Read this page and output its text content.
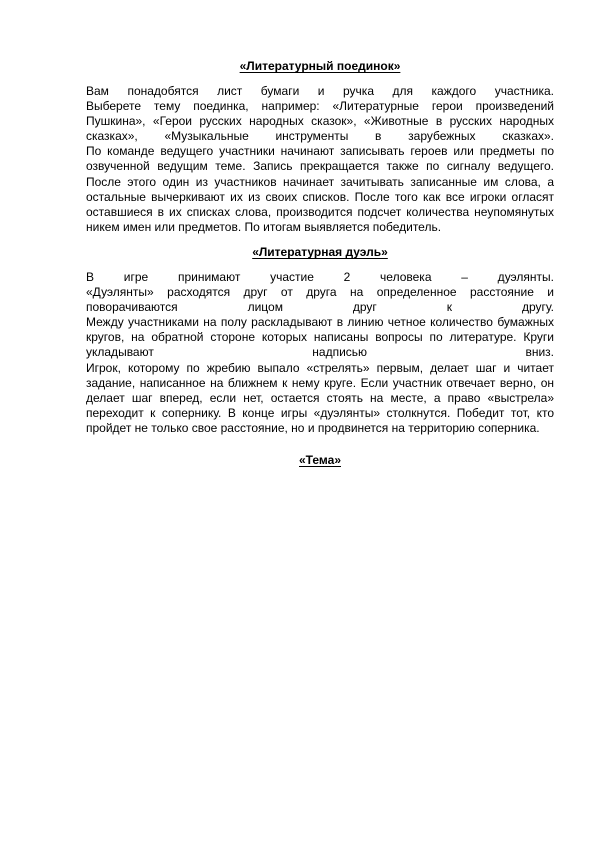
«Литературный поединок»
Вам понадобятся лист бумаги и ручка для каждого участника.
Выберете тему поединка, например: «Литературные герои произведений
Пушкина», «Герои русских народных сказок», «Животные в русских народных
сказках», «Музыкальные инструменты в зарубежных сказках».
По команде ведущего участники начинают записывать героев или предметы по
озвученной ведущим теме. Запись прекращается также по сигналу ведущего.
После этого один из участников начинает зачитывать записанные им слова, а
остальные вычеркивают их из своих списков. После того как все игроки огласят
оставшиеся в их списках слова, производится подсчет количества неупомянутых
никем имен или предметов. По итогам выявляется победитель.
«Литературная дуэль»
В игре принимают участие 2 человека – дуэлянты.
«Дуэлянты» расходятся друг от друга на определенное расстояние и
поворачиваются лицом друг к другу.
Между участниками на полу раскладывают в линию четное количество бумажных
кругов, на обратной стороне которых написаны вопросы по литературе. Круги
укладывают надписью вниз.
Игрок, которому по жребию выпало «стрелять» первым, делает шаг и читает
задание, написанное на ближнем к нему круге. Если участник отвечает верно, он
делает шаг вперед, если нет, остается стоять на месте, а право «выстрела»
переходит к сопернику. В конце игры «дуэлянты» столкнутся. Победит тот, кто
пройдет не только свое расстояние, но и продвинется на территорию соперника.
«Тема»
